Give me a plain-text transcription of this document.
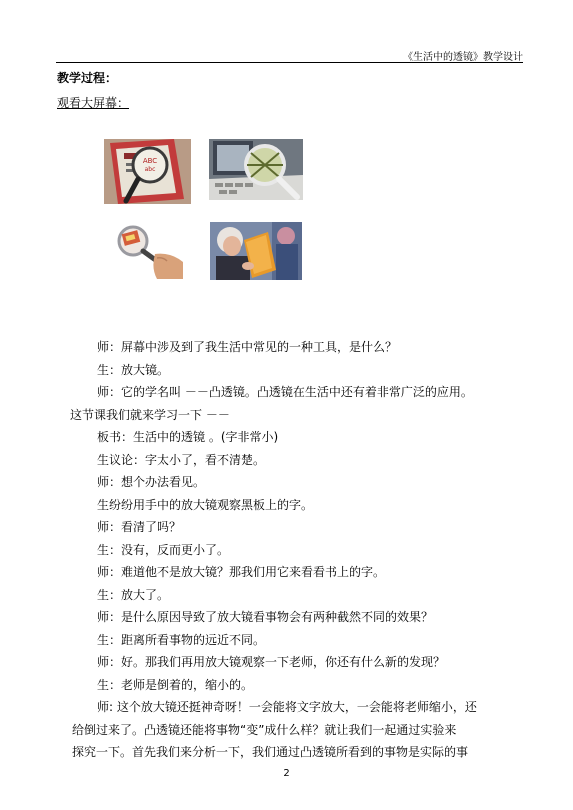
《生活中的透镜》教学设计
教学过程：
观看大屏幕：
ABC
abc
师：屏幕中涉及到了我生活中常见的一种工具，是什么？
生：放大镜。
师：它的学名叫 －－凸透镜。凸透镜在生活中还有着非常广泛的应用。
这节课我们就来学习一下 －－
板书：生活中的透镜 。(字非常小)
生议论：字太小了，看不清楚。
师：想个办法看见。
生纷纷用手中的放大镜观察黑板上的字。
师：看清了吗？
生：没有，反而更小了。
师：难道他不是放大镜？那我们用它来看看书上的字。
生：放大了。
师：是什么原因导致了放大镜看事物会有两种截然不同的效果？
生：距离所看事物的远近不同。
师：好。那我们再用放大镜观察一下老师，你还有什么新的发现？
生：老师是倒着的，缩小的。
师: 这个放大镜还挺神奇呀！一会能将文字放大，一会能将老师缩小，还
给倒过来了。凸透镜还能将事物“变”成什么样？就让我们一起通过实验来
探究一下。首先我们来分析一下，我们通过凸透镜所看到的事物是实际的事
2
